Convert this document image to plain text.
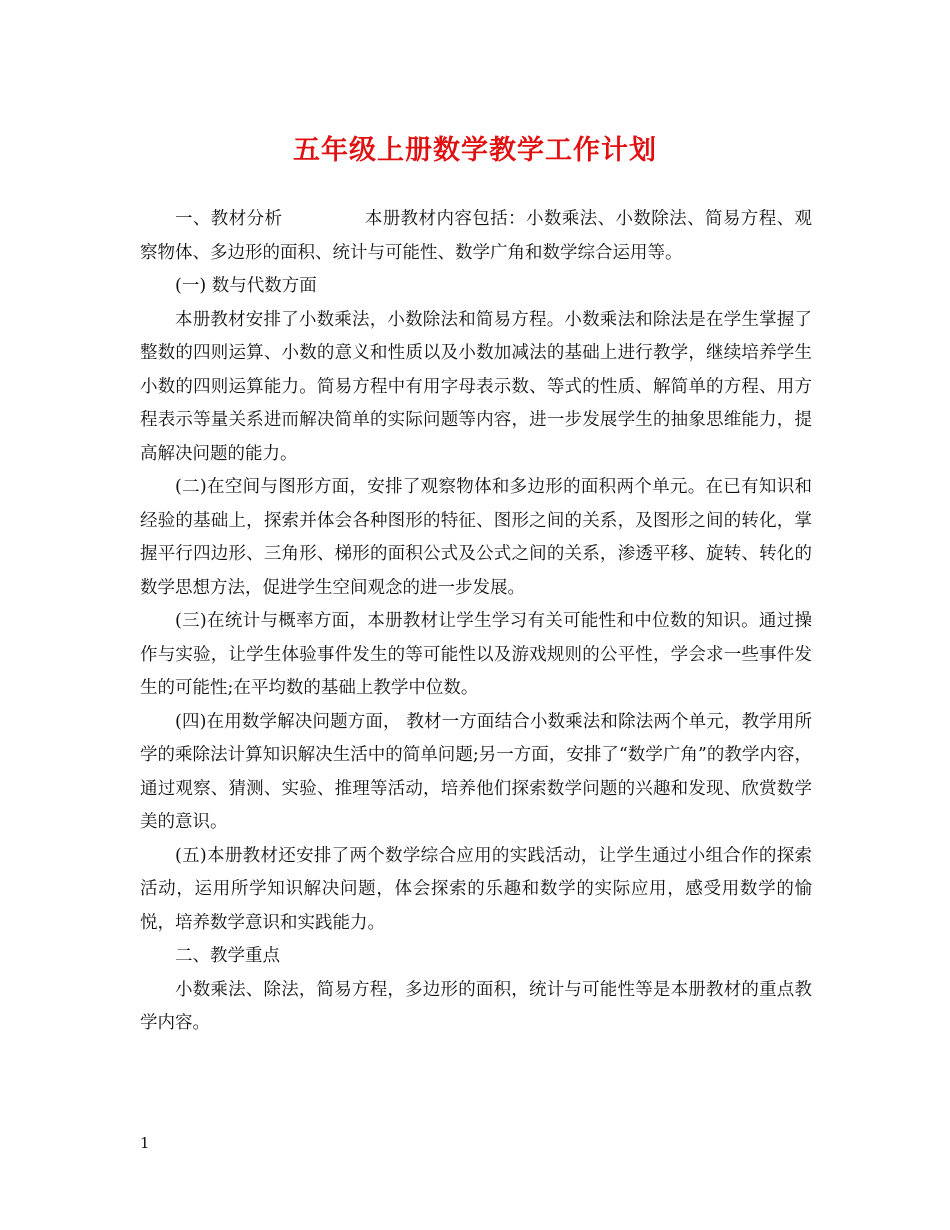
五年级上册数学教学工作计划

一、教材分析	本册教材内容包括：小数乘法、小数除法、简易方程、观察物体、多边形的面积、统计与可能性、数学广角和数学综合运用等。

(一) 数与代数方面

本册教材安排了小数乘法，小数除法和简易方程。小数乘法和除法是在学生掌握了整数的四则运算、小数的意义和性质以及小数加减法的基础上进行教学，继续培养学生小数的四则运算能力。简易方程中有用字母表示数、等式的性质、解简单的方程、用方程表示等量关系进而解决简单的实际问题等内容，进一步发展学生的抽象思维能力，提高解决问题的能力。

(二)在空间与图形方面，安排了观察物体和多边形的面积两个单元。在已有知识和经验的基础上，探索并体会各种图形的特征、图形之间的关系，及图形之间的转化，掌握平行四边形、三角形、梯形的面积公式及公式之间的关系，渗透平移、旋转、转化的数学思想方法，促进学生空间观念的进一步发展。

(三)在统计与概率方面，本册教材让学生学习有关可能性和中位数的知识。通过操作与实验，让学生体验事件发生的等可能性以及游戏规则的公平性，学会求一些事件发生的可能性;在平均数的基础上教学中位数。

(四)在用数学解决问题方面， 教材一方面结合小数乘法和除法两个单元，教学用所学的乘除法计算知识解决生活中的简单问题;另一方面，安排了“数学广角”的教学内容，通过观察、猜测、实验、推理等活动，培养他们探索数学问题的兴趣和发现、欣赏数学美的意识。

(五)本册教材还安排了两个数学综合应用的实践活动，让学生通过小组合作的探索活动，运用所学知识解决问题，体会探索的乐趣和数学的实际应用，感受用数学的愉悦，培养数学意识和实践能力。

二、教学重点

小数乘法、除法，简易方程，多边形的面积，统计与可能性等是本册教材的重点教学内容。

1
